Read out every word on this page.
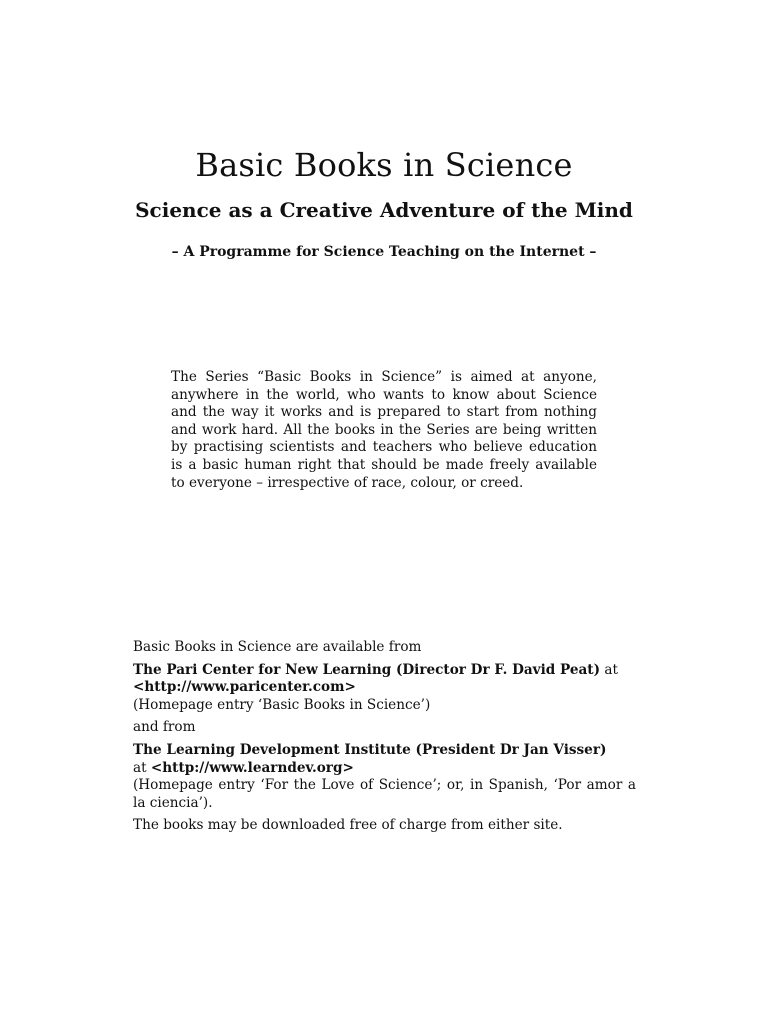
Basic Books in Science
Science as a Creative Adventure of the Mind
– A Programme for Science Teaching on the Internet –

The Series “Basic Books in Science” is aimed at anyone, anywhere in the world, who wants to know about Science and the way it works and is prepared to start from nothing and work hard. All the books in the Series are being written by practising scientists and teachers who believe education is a basic human right that should be made freely available to everyone – irrespective of race, colour, or creed.

Basic Books in Science are available from

The Pari Center for New Learning (Director Dr F. David Peat) at
<http://www.paricenter.com>
(Homepage entry ‘Basic Books in Science’)

and from

The Learning Development Institute (President Dr Jan Visser)
at <http://www.learndev.org>
(Homepage entry ‘For the Love of Science’; or, in Spanish, ‘Por amor a la ciencia’).

The books may be downloaded free of charge from either site.
